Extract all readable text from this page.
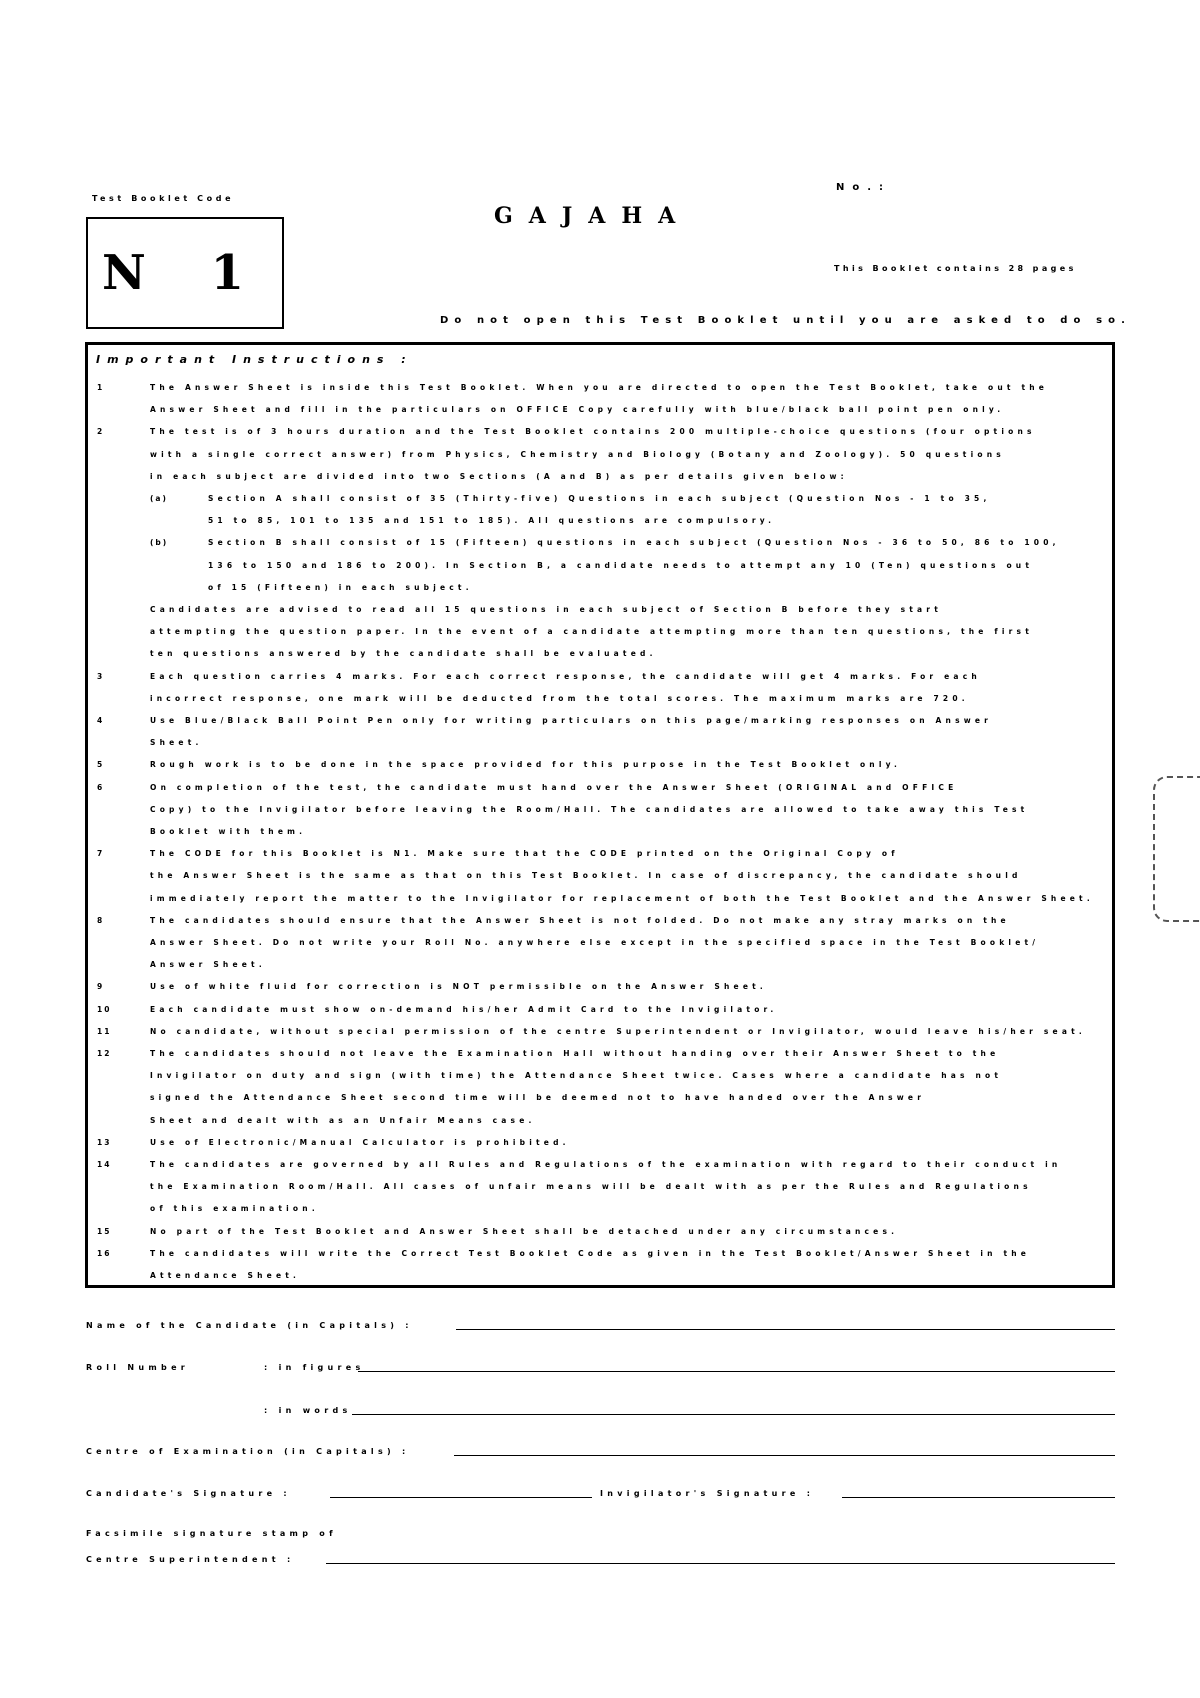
Test Booklet Code
N 1
GAJAHA
No.:
This Booklet contains 28 pages
Do not open this Test Booklet until you are asked to do so.
Important Instructions :
1	The Answer Sheet is inside this Test Booklet. When you are directed to open the Test Booklet, take out the
Answer Sheet and fill in the particulars on OFFICE Copy carefully with blue/black ball point pen only.
2	The test is of 3 hours duration and the Test Booklet contains 200 multiple-choice questions (four options
with a single correct answer) from Physics, Chemistry and Biology (Botany and Zoology). 50 questions
in each subject are divided into two Sections (A and B) as per details given below:
(a)	Section A shall consist of 35 (Thirty-five) Questions in each subject (Question Nos - 1 to 35,
51 to 85, 101 to 135 and 151 to 185). All questions are compulsory.
(b)	Section B shall consist of 15 (Fifteen) questions in each subject (Question Nos - 36 to 50, 86 to 100,
136 to 150 and 186 to 200). In Section B, a candidate needs to attempt any 10 (Ten) questions out
of 15 (Fifteen) in each subject.
Candidates are advised to read all 15 questions in each subject of Section B before they start
attempting the question paper. In the event of a candidate attempting more than ten questions, the first
ten questions answered by the candidate shall be evaluated.
3	Each question carries 4 marks. For each correct response, the candidate will get 4 marks. For each
incorrect response, one mark will be deducted from the total scores. The maximum marks are 720.
4	Use Blue/Black Ball Point Pen only for writing particulars on this page/marking responses on Answer
Sheet.
5	Rough work is to be done in the space provided for this purpose in the Test Booklet only.
6	On completion of the test, the candidate must hand over the Answer Sheet (ORIGINAL and OFFICE
Copy) to the Invigilator before leaving the Room/Hall. The candidates are allowed to take away this Test
Booklet with them.
7	The CODE for this Booklet is N1. Make sure that the CODE printed on the Original Copy of
the Answer Sheet is the same as that on this Test Booklet. In case of discrepancy, the candidate should
immediately report the matter to the Invigilator for replacement of both the Test Booklet and the Answer Sheet.
8	The candidates should ensure that the Answer Sheet is not folded. Do not make any stray marks on the
Answer Sheet. Do not write your Roll No. anywhere else except in the specified space in the Test Booklet/
Answer Sheet.
9	Use of white fluid for correction is NOT permissible on the Answer Sheet.
10	Each candidate must show on-demand his/her Admit Card to the Invigilator.
11	No candidate, without special permission of the centre Superintendent or Invigilator, would leave his/her seat.
12	The candidates should not leave the Examination Hall without handing over their Answer Sheet to the
Invigilator on duty and sign (with time) the Attendance Sheet twice. Cases where a candidate has not
signed the Attendance Sheet second time will be deemed not to have handed over the Answer
Sheet and dealt with as an Unfair Means case.
13	Use of Electronic/Manual Calculator is prohibited.
14	The candidates are governed by all Rules and Regulations of the examination with regard to their conduct in
the Examination Room/Hall. All cases of unfair means will be dealt with as per the Rules and Regulations
of this examination.
15	No part of the Test Booklet and Answer Sheet shall be detached under any circumstances.
16	The candidates will write the Correct Test Booklet Code as given in the Test Booklet/Answer Sheet in the
Attendance Sheet.
Name of the Candidate (in Capitals) :
Roll Number	: in figures
: in words
Centre of Examination (in Capitals) :
Candidate's Signature :	Invigilator's Signature :
Facsimile signature stamp of
Centre Superintendent :
